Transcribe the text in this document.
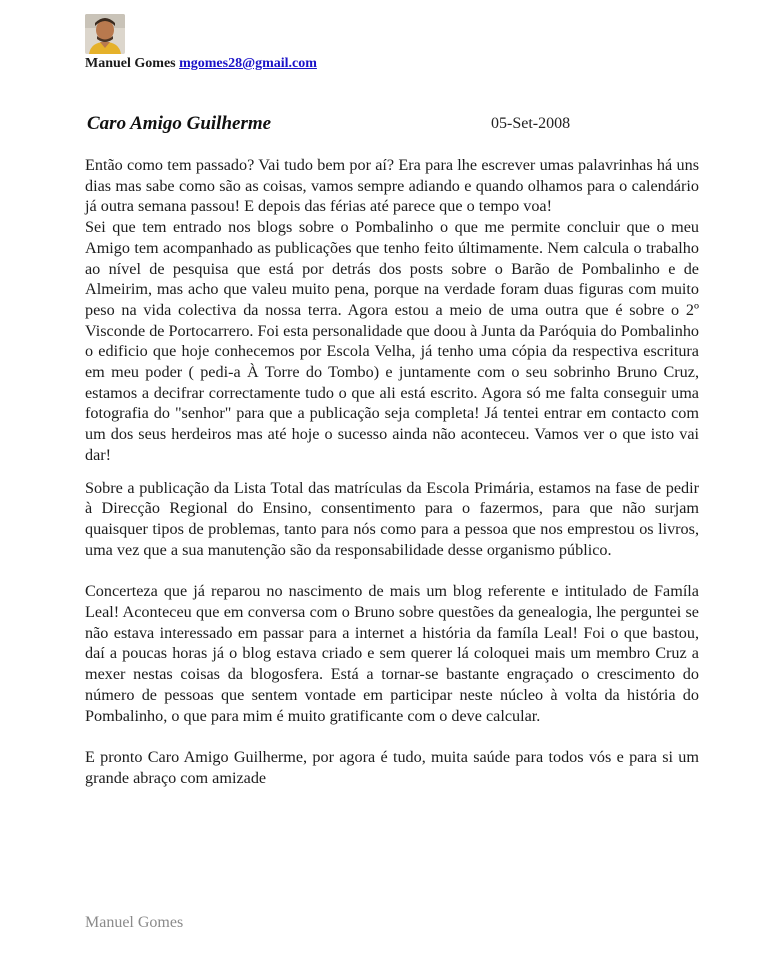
Manuel Gomes mgomes28@gmail.com
Caro Amigo Guilherme	05-Set-2008

Então como tem passado? Vai tudo bem por aí? Era para lhe escrever umas palavrinhas há uns dias mas sabe como são as coisas, vamos sempre adiando e quando olhamos para o calendário já outra semana passou! E depois das férias até parece que o tempo voa!

Sei que tem entrado nos blogs sobre o Pombalinho o que me permite concluir que o meu Amigo tem acompanhado as publicações que tenho feito últimamente. Nem calcula o trabalho ao nível de pesquisa que está por detrás dos posts sobre o Barão de Pombalinho e de Almeirim, mas acho que valeu muito pena, porque na verdade foram duas figuras com muito peso na vida colectiva da nossa terra. Agora estou a meio de uma outra que é sobre o 2º Visconde de Portocarrero. Foi esta personalidade que doou à Junta da Paróquia do Pombalinho o edificio que hoje conhecemos por Escola Velha, já tenho uma cópia da respectiva escritura em meu poder ( pedi-a À Torre do Tombo) e juntamente com o seu sobrinho Bruno Cruz, estamos a decifrar correctamente tudo o que ali está escrito. Agora só me falta conseguir uma fotografia do "senhor" para que a publicação seja completa! Já tentei entrar em contacto com um dos seus herdeiros mas até hoje o sucesso ainda não aconteceu. Vamos ver o que isto vai dar!

Sobre a publicação da Lista Total das matrículas da Escola Primária, estamos na fase de pedir à Direcção Regional do Ensino, consentimento para o fazermos, para que não surjam quaisquer tipos de problemas, tanto para nós como para a pessoa que nos emprestou os livros, uma vez que a sua manutenção são da responsabilidade desse organismo público.

Concerteza que já reparou no nascimento de mais um blog referente e intitulado de Famíla Leal! Aconteceu que em conversa com o Bruno sobre questões da genealogia, lhe perguntei se não estava interessado em passar para a internet a história da famíla Leal! Foi o que bastou, daí a poucas horas já o blog estava criado e sem querer lá coloquei mais um membro Cruz a mexer nestas coisas da blogosfera. Está a tornar-se bastante engraçado o crescimento do número de pessoas que sentem vontade em participar neste núcleo à volta da história do Pombalinho, o que para mim é muito gratificante com o deve calcular.

E pronto Caro Amigo Guilherme, por agora é tudo, muita saúde para todos vós e para si um grande abraço com amizade

Manuel Gomes
